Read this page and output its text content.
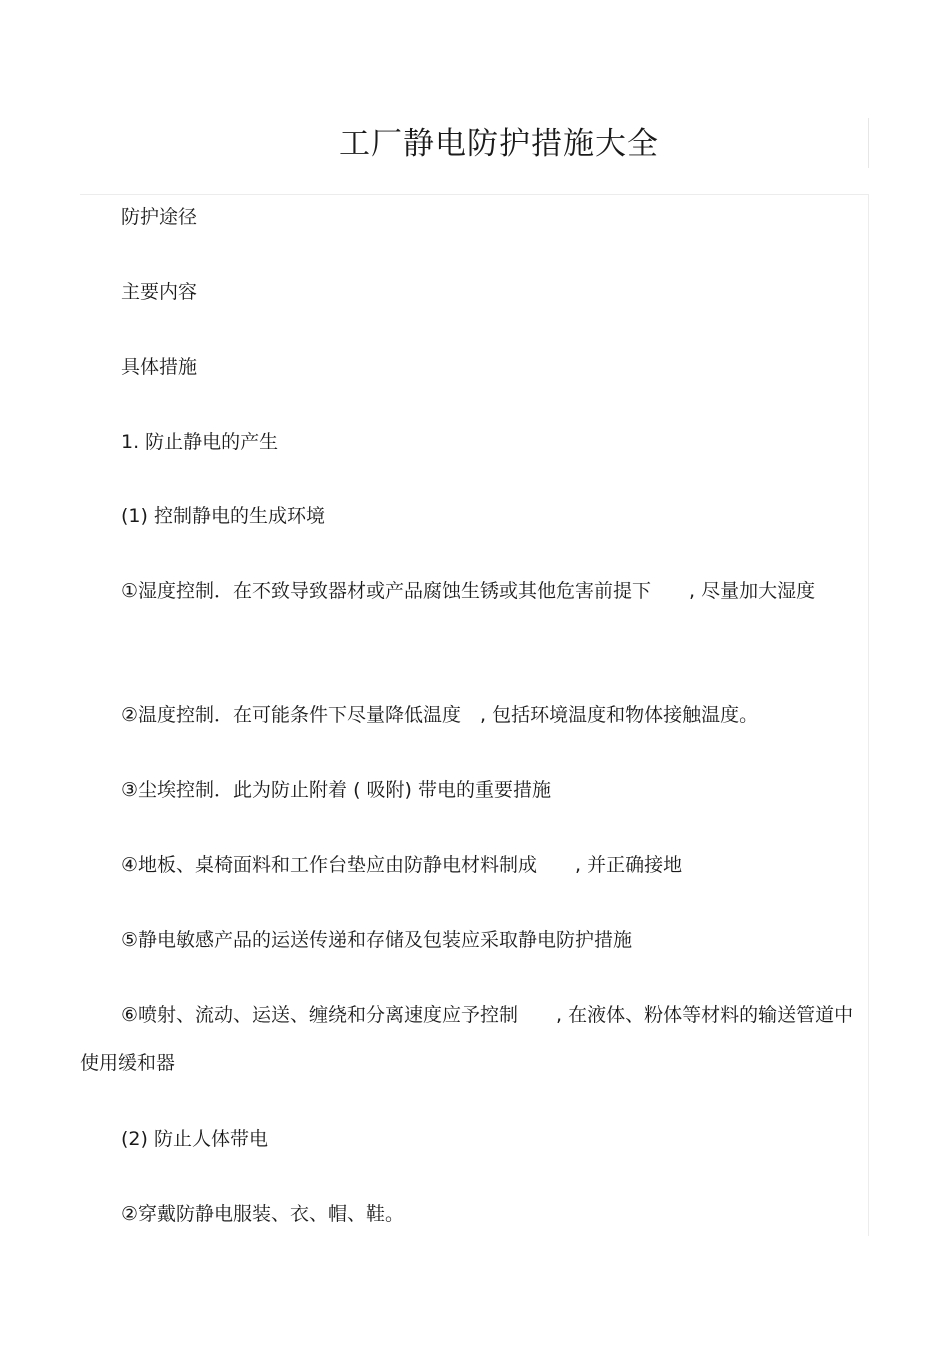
工厂静电防护措施大全

防护途径

主要内容

具体措施

1. 防止静电的产生

(1) 控制静电的生成环境

①湿度控制．在不致导致器材或产品腐蚀生锈或其他危害前提下　　, 尽量加大湿度

②温度控制．在可能条件下尽量降低温度　, 包括环境温度和物体接触温度。

③尘埃控制．此为防止附着 ( 吸附) 带电的重要措施

④地板、桌椅面料和工作台垫应由防静电材料制成　　, 并正确接地

⑤静电敏感产品的运送传递和存储及包装应采取静电防护措施

⑥喷射、流动、运送、缠绕和分离速度应予控制　　, 在液体、粉体等材料的输送管道中使用缓和器

(2) 防止人体带电

②穿戴防静电服装、衣、帽、鞋。
